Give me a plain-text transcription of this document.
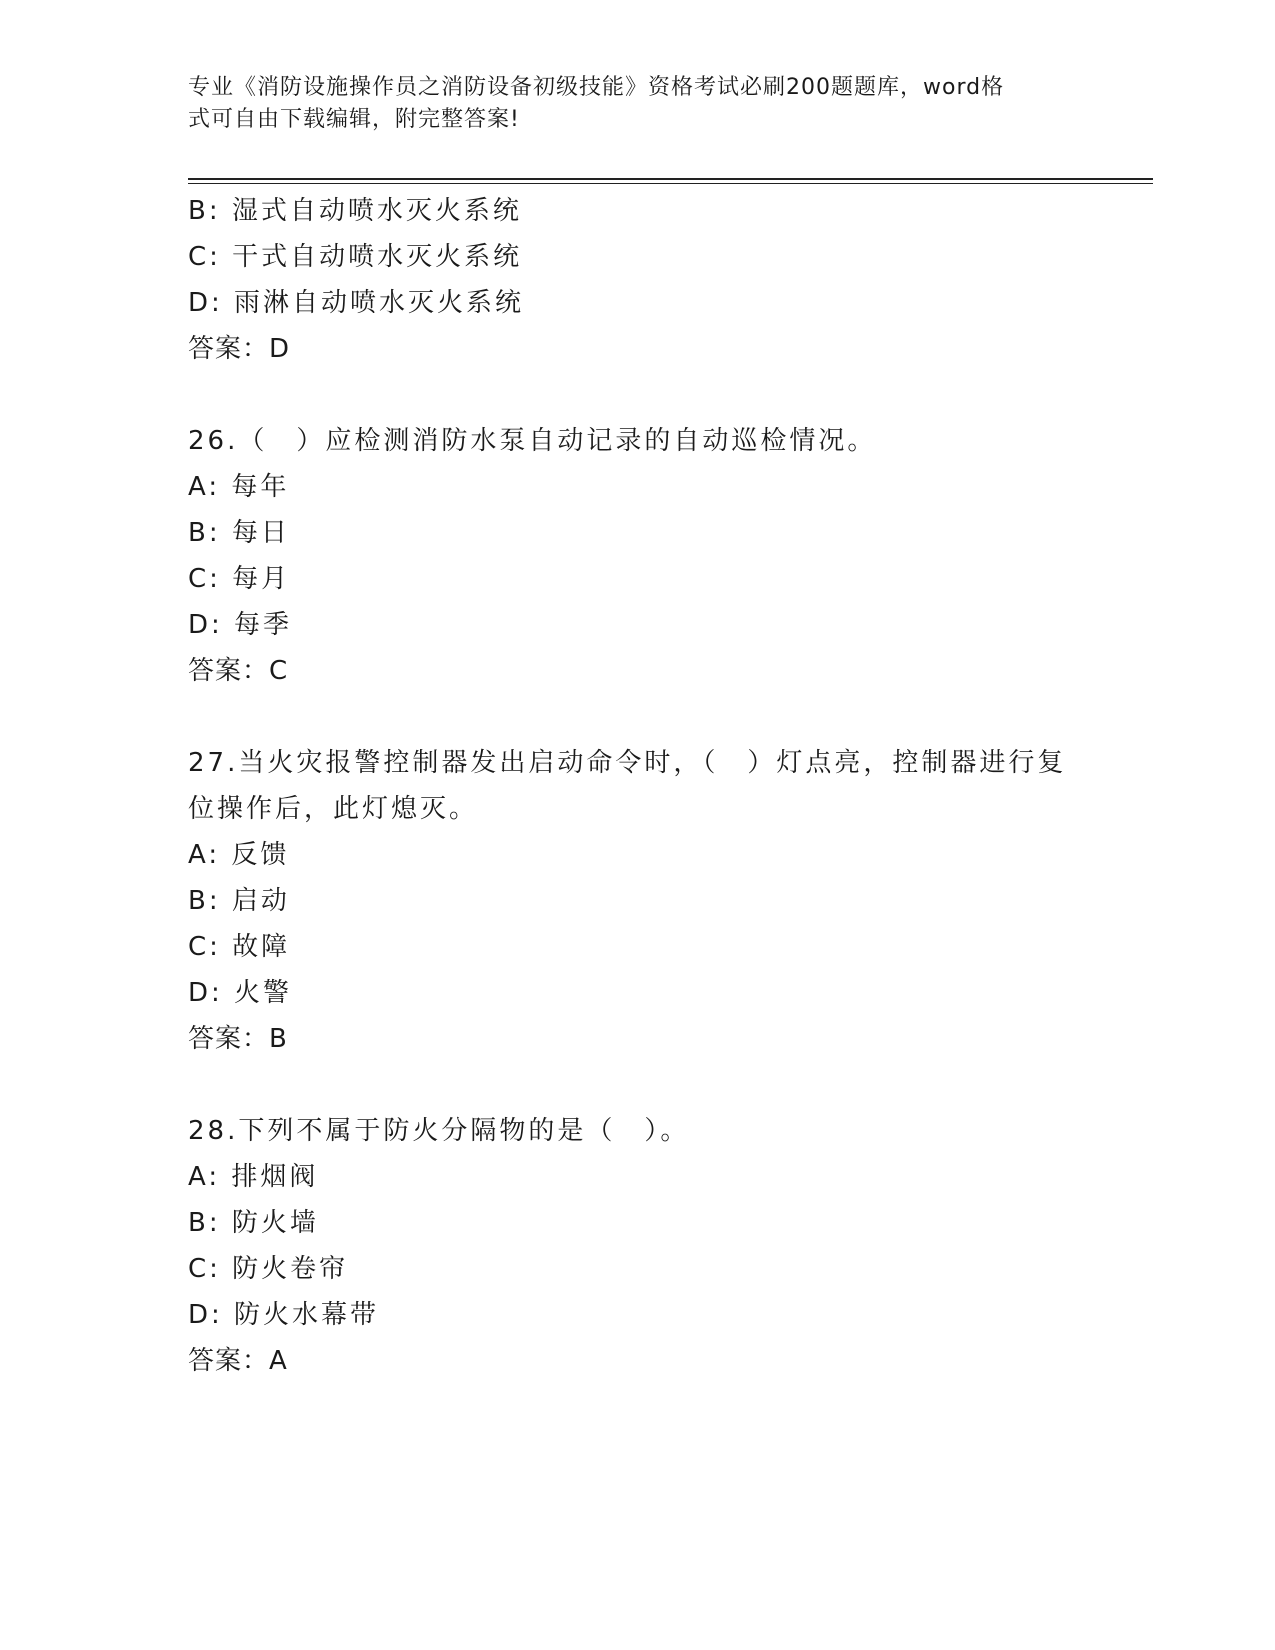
专业《消防设施操作员之消防设备初级技能》资格考试必刷200题题库，word格
式可自由下载编辑，附完整答案!
B: 湿式自动喷水灭火系统
C: 干式自动喷水灭火系统
D: 雨淋自动喷水灭火系统
答案：D
26.（　）应检测消防水泵自动记录的自动巡检情况。
A: 每年
B: 每日
C: 每月
D: 每季
答案：C
27.当火灾报警控制器发出启动命令时，（　）灯点亮，控制器进行复
位操作后，此灯熄灭。
A: 反馈
B: 启动
C: 故障
D: 火警
答案：B
28.下列不属于防火分隔物的是（　）。
A: 排烟阀
B: 防火墙
C: 防火卷帘
D: 防火水幕带
答案：A
